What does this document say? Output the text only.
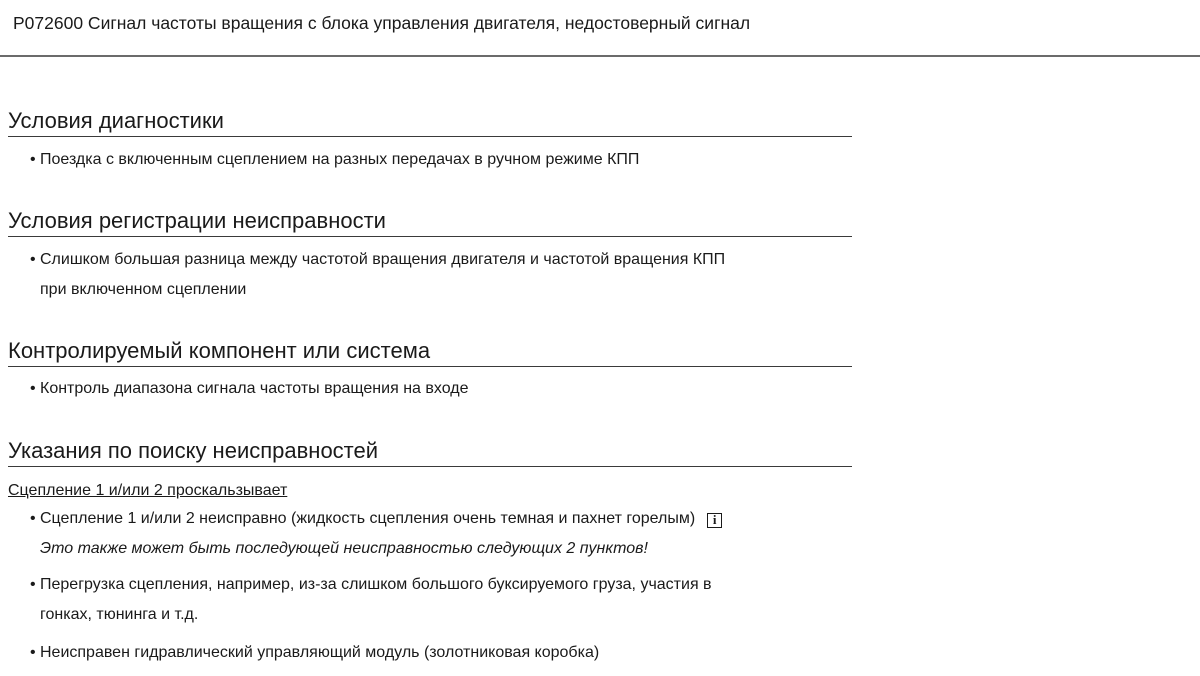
P072600 Сигнал частоты вращения с блока управления двигателя, недостоверный сигнал
Условия диагностики
• Поездка с включенным сцеплением на разных передачах в ручном режиме КПП
Условия регистрации неисправности
• Слишком большая разница между частотой вращения двигателя и частотой вращения КПП
при включенном сцеплении
Контролируемый компонент или система
• Контроль диапазона сигнала частоты вращения на входе
Указания по поиску неисправностей
Сцепление 1 и/или 2 проскальзывает
• Сцепление 1 и/или 2 неисправно (жидкость сцепления очень темная и пахнет горелым) i
Это также может быть последующей неисправностью следующих 2 пунктов!
• Перегрузка сцепления, например, из-за слишком большого буксируемого груза, участия в
гонках, тюнинга и т.д.
• Неисправен гидравлический управляющий модуль (золотниковая коробка)
